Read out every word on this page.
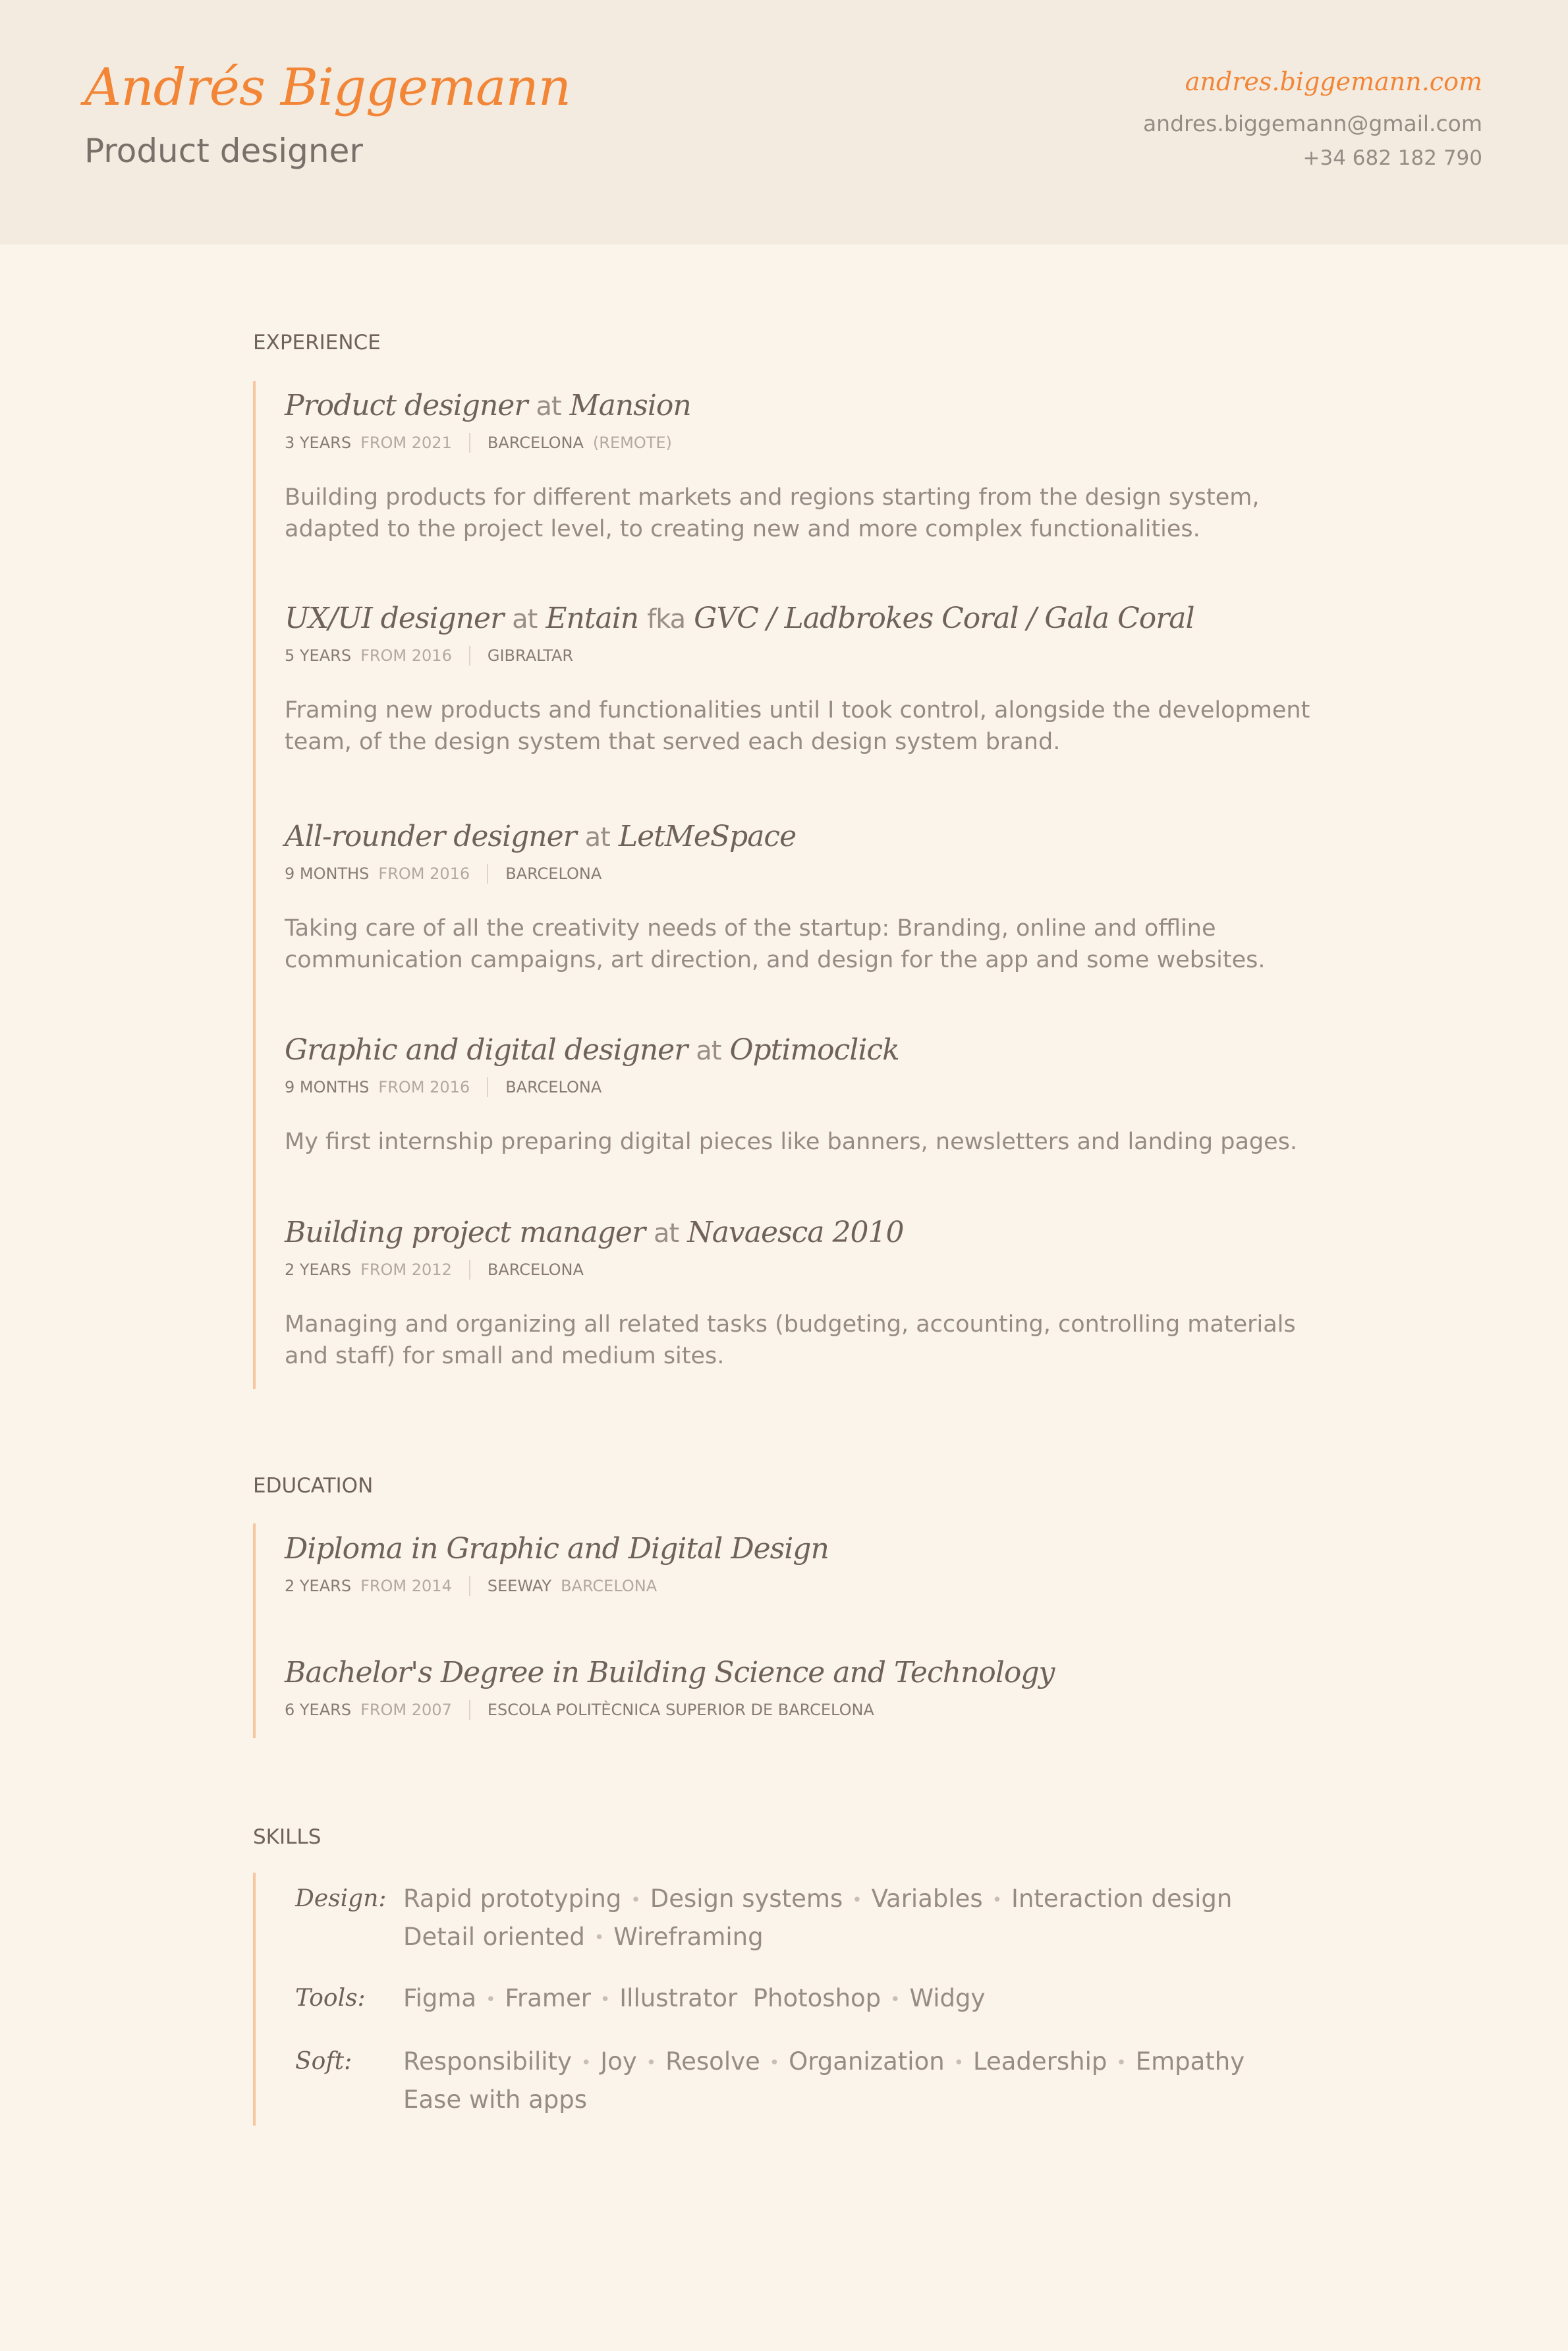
Andrés Biggemann
Product designer
andres.biggemann.com
andres.biggemann@gmail.com
+34 682 182 790
EXPERIENCE
Product designer at Mansion
3 YEARS FROM 2021 BARCELONA (REMOTE)
Building products for different markets and regions starting from the design system, adapted to the project level, to creating new and more complex functionalities.
UX/UI designer at Entain fka GVC / Ladbrokes Coral / Gala Coral
5 YEARS FROM 2016 GIBRALTAR
Framing new products and functionalities until I took control, alongside the development team, of the design system that served each design system brand.
All-rounder designer at LetMeSpace
9 MONTHS FROM 2016 BARCELONA
Taking care of all the creativity needs of the startup: Branding, online and offline communication campaigns, art direction, and design for the app and some websites.
Graphic and digital designer at Optimoclick
9 MONTHS FROM 2016 BARCELONA
My first internship preparing digital pieces like banners, newsletters and landing pages.
Building project manager at Navaesca 2010
2 YEARS FROM 2012 BARCELONA
Managing and organizing all related tasks (budgeting, accounting, controlling materials and staff) for small and medium sites.
EDUCATION
Diploma in Graphic and Digital Design
2 YEARS FROM 2014 SEEWAY BARCELONA
Bachelor's Degree in Building Science and Technology
6 YEARS FROM 2007 ESCOLA POLITÈCNICA SUPERIOR DE BARCELONA
SKILLS
Design: Rapid prototyping • Design systems • Variables • Interaction design
Detail oriented • Wireframing
Tools:	Figma • Framer • Illustrator Photoshop • Widgy
Soft:	Responsibility • Joy • Resolve • Organization • Leadership • Empathy
Ease with apps
